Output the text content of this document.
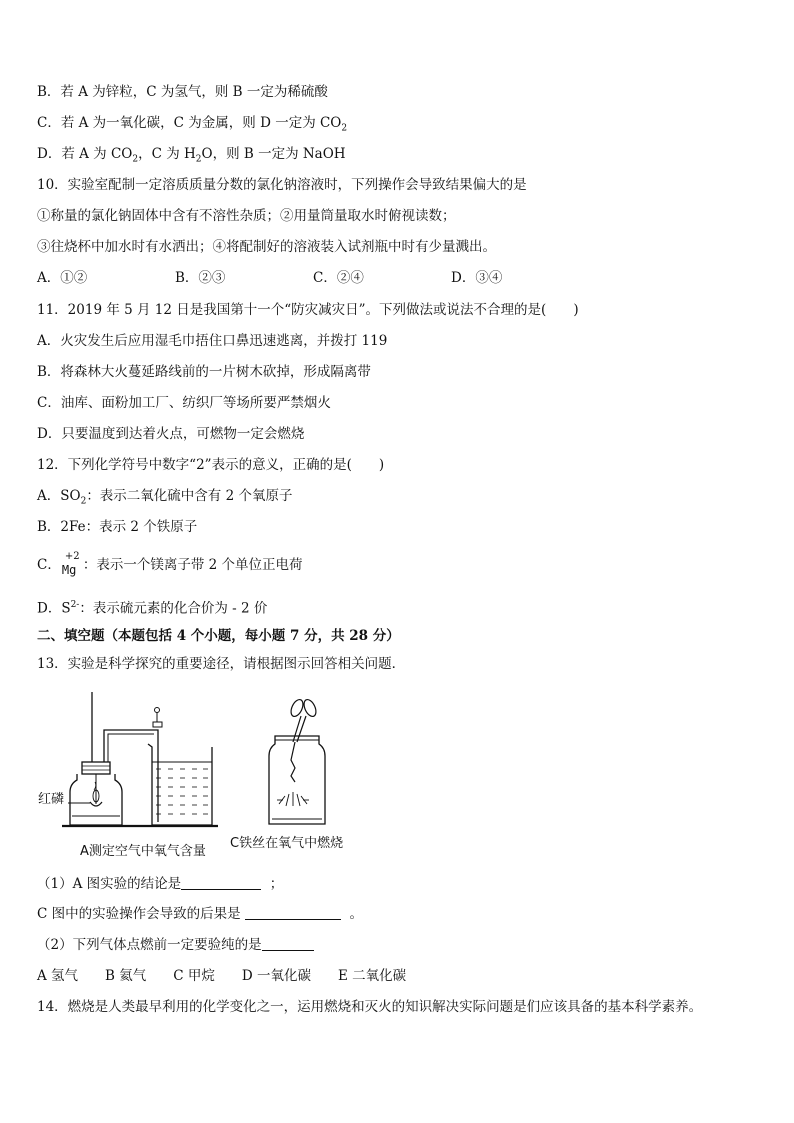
B．若 A 为锌粒，C 为氢气，则 B 一定为稀硫酸
C．若 A 为一氧化碳，C 为金属，则 D 一定为 $CO_2$
D．若 A 为 $CO_2$，C 为 $H_2O$，则 B 一定为 NaOH
10．实验室配制一定溶质质量分数的氯化钠溶液时，下列操作会导致结果偏大的是
①称量的氯化钠固体中含有不溶性杂质；②用量筒量取水时俯视读数；
③往烧杯中加水时有水洒出；④将配制好的溶液装入试剂瓶中时有少量溅出。
A．①②	B．②③	C．②④	D．③④
11．2019 年 5 月 12 日是我国第十一个“防灾减灾日”。下列做法或说法不合理的是(　　)
A．火灾发生后应用湿毛巾捂住口鼻迅速逃离，并拨打 119
B．将森林大火蔓延路线前的一片树木砍掉，形成隔离带
C．油库、面粉加工厂、纺织厂等场所要严禁烟火
D．只要温度到达着火点，可燃物一定会燃烧
12．下列化学符号中数字“2”表示的意义，正确的是(　　)
A．$SO_2$：表示二氧化硫中含有 2 个氧原子
B．2Fe：表示 2 个铁原子
C．
+2
Mg ：表示一个镁离子带 2 个单位正电荷
D．$S^{2-}$：表示硫元素的化合价为 - 2 价
二、填空题（本题包括 4 个小题，每小题 7 分，共 28 分）
13．实验是科学探究的重要途径，请根据图示回答相关问题．
红磷
A测定空气中氧气含量
C铁丝在氧气中燃烧
（1）A 图实验的结论是	；
C 图中的实验操作会导致的后果是	。
（2）下列气体点燃前一定要验纯的是
A 氢气　　B 氦气　　C 甲烷　　D 一氧化碳　　E 二氧化碳
14．燃烧是人类最早利用的化学变化之一，运用燃烧和灭火的知识解决实际问题是们应该具备的基本科学素养。
